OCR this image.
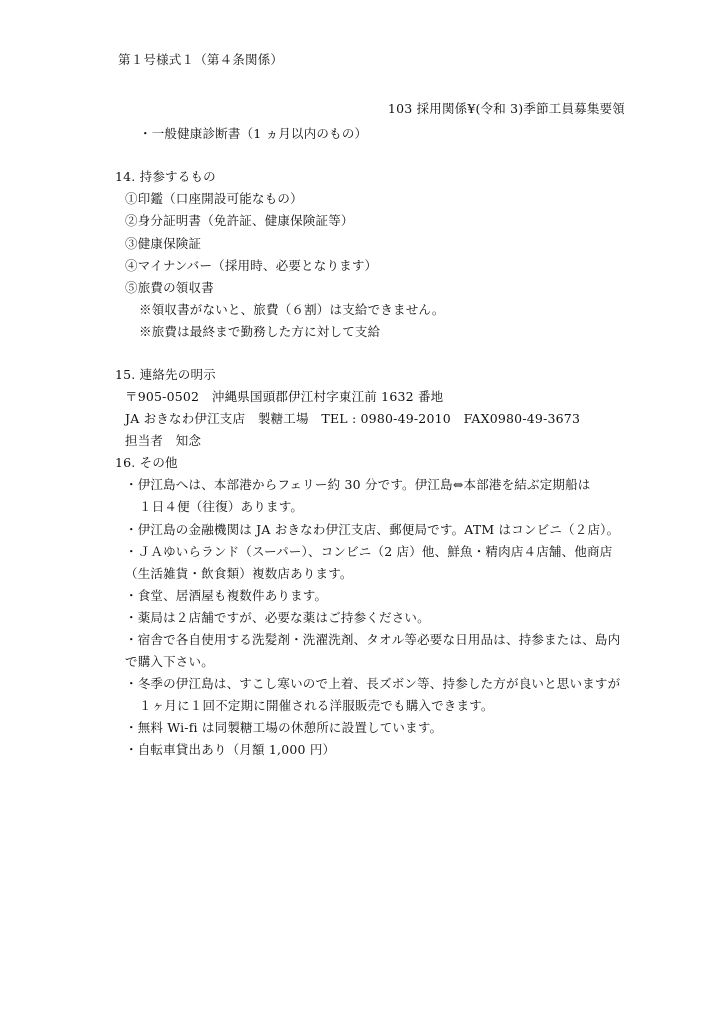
第１号様式１（第４条関係）
103 採用関係¥(令和 3)季節工員募集要領
・一般健康診断書（1 ヵ月以内のもの）
14. 持参するもの
①印鑑（口座開設可能なもの）
②身分証明書（免許証、健康保険証等）
③健康保険証
④マイナンバー（採用時、必要となります）
⑤旅費の領収書
※領収書がないと、旅費（６割）は支給できません。
※旅費は最終まで勤務した方に対して支給
15. 連絡先の明示
〒905-0502　沖縄県国頭郡伊江村字東江前 1632 番地
JA おきなわ伊江支店　製糖工場　TEL : 0980-49-2010　FAX0980-49-3673
担当者　知念
16. その他
・伊江島へは、本部港からフェリー約 30 分です。伊江島⇔本部港を結ぶ定期船は
１日４便（往復）あります。
・伊江島の金融機関は JA おきなわ伊江支店、郵便局です。ATM はコンビニ（２店）。
・ＪＡゆいらランド（スーパー）、コンビニ（2 店）他、鮮魚・精肉店４店舗、他商店
（生活雑貨・飲食類）複数店あります。
・食堂、居酒屋も複数件あります。
・薬局は２店舗ですが、必要な薬はご持参ください。
・宿舎で各自使用する洗髪剤・洗濯洗剤、タオル等必要な日用品は、持参または、島内
で購入下さい。
・冬季の伊江島は、すこし寒いので上着、長ズボン等、持参した方が良いと思いますが
１ヶ月に１回不定期に開催される洋服販売でも購入できます。
・無料 Wi-fi は同製糖工場の休憩所に設置しています。
・自転車貸出あり（月額 1,000 円）
